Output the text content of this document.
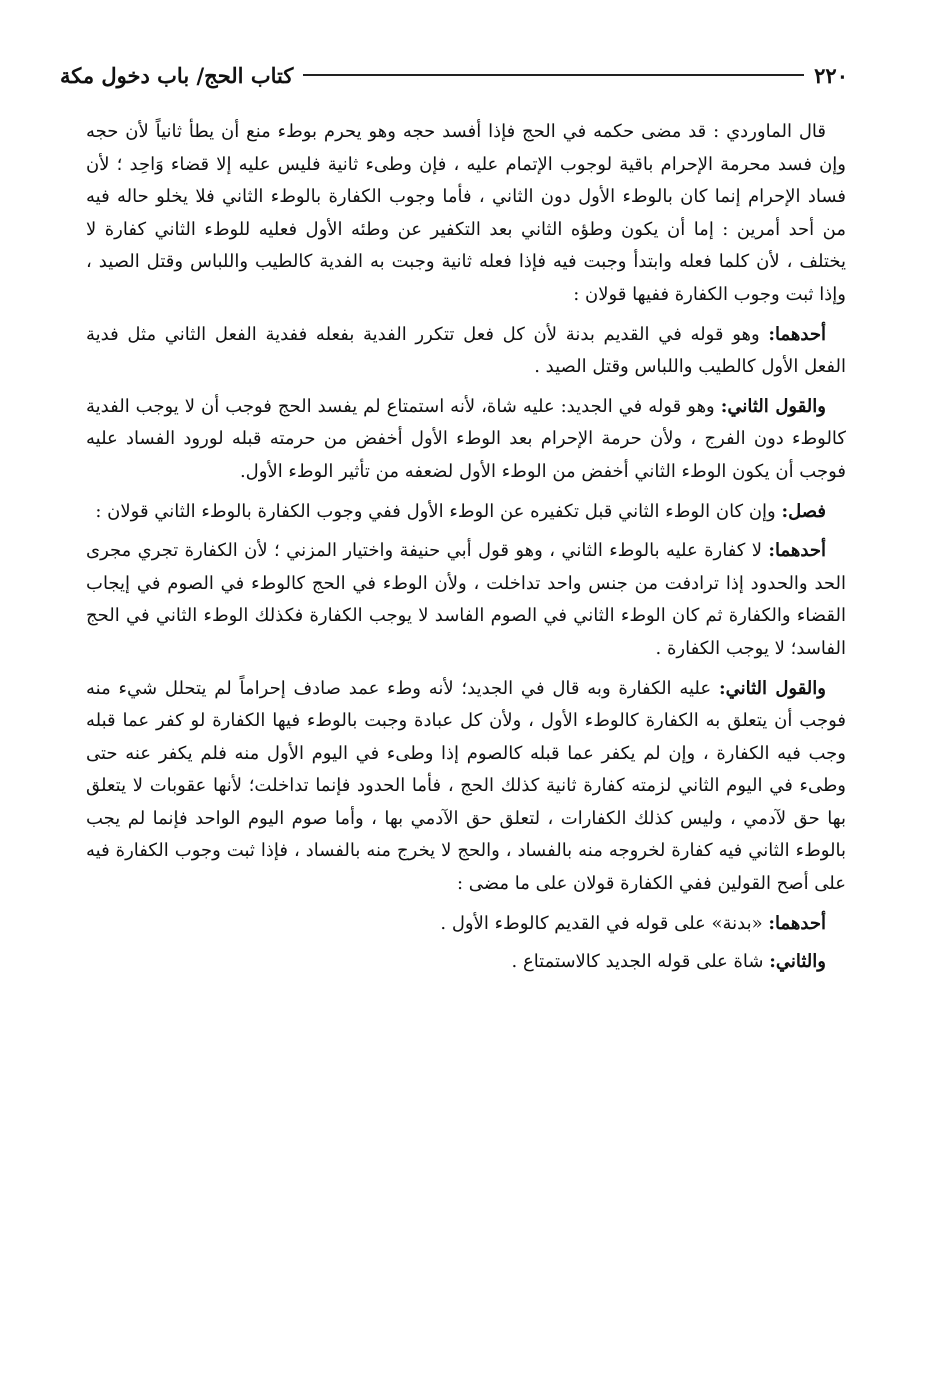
٢٢٠
كتاب الحج/ باب دخول مكة

قال الماوردي : قد مضى حكمه في الحج فإذا أفسد حجه وهو يحرم بوطء منع أن يطأ ثانياً لأن حجه وإن فسد محرمة الإحرام باقية لوجوب الإتمام عليه ، فإن وطىء ثانية فليس عليه إلا قضاء وَاحِد ؛ لأن فساد الإحرام إنما كان بالوطء الأول دون الثاني ، فأما وجوب الكفارة بالوطء الثاني فلا يخلو حاله فيه من أحد أمرين : إما أن يكون وطؤه الثاني بعد التكفير عن وطئه الأول فعليه للوطء الثاني كفارة لا يختلف ، لأن كلما فعله وابتدأ وجبت فيه فإذا فعله ثانية وجبت به الفدية كالطيب واللباس وقتل الصيد ، وإذا ثبت وجوب الكفارة ففيها قولان :

أحدهما: وهو قوله في القديم بدنة لأن كل فعل تتكرر الفدية بفعله ففدية الفعل الثاني مثل فدية الفعل الأول كالطيب واللباس وقتل الصيد .

والقول الثاني: وهو قوله في الجديد: عليه شاة، لأنه استمتاع لم يفسد الحج فوجب أن لا يوجب الفدية كالوطء دون الفرج ، ولأن حرمة الإحرام بعد الوطء الأول أخفض من حرمته قبله لورود الفساد عليه فوجب أن يكون الوطء الثاني أخفض من الوطء الأول لضعفه من تأثير الوطء الأول.

فصل: وإن كان الوطء الثاني قبل تكفيره عن الوطء الأول ففي وجوب الكفارة بالوطء الثاني قولان :

أحدهما: لا كفارة عليه بالوطء الثاني ، وهو قول أبي حنيفة واختيار المزني ؛ لأن الكفارة تجري مجرى الحد والحدود إذا ترادفت من جنس واحد تداخلت ، ولأن الوطء في الحج كالوطء في الصوم في إيجاب القضاء والكفارة ثم كان الوطء الثاني في الصوم الفاسد لا يوجب الكفارة فكذلك الوطء الثاني في الحج الفاسد؛ لا يوجب الكفارة .

والقول الثاني: عليه الكفارة وبه قال في الجديد؛ لأنه وطء عمد صادف إحراماً لم يتحلل شيء منه فوجب أن يتعلق به الكفارة كالوطء الأول ، ولأن كل عبادة وجبت بالوطء فيها الكفارة لو كفر عما قبله وجب فيه الكفارة ، وإن لم يكفر عما قبله كالصوم إذا وطىء في اليوم الأول منه فلم يكفر عنه حتى وطىء في اليوم الثاني لزمته كفارة ثانية كذلك الحج ، فأما الحدود فإنما تداخلت؛ لأنها عقوبات لا يتعلق بها حق لآدمي ، وليس كذلك الكفارات ، لتعلق حق الآدمي بها ، وأما صوم اليوم الواحد فإنما لم يجب بالوطء الثاني فيه كفارة لخروجه منه بالفساد ، والحج لا يخرج منه بالفساد ، فإذا ثبت وجوب الكفارة فيه على أصح القولين ففي الكفارة قولان على ما مضى :

أحدهما: «بدنة» على قوله في القديم كالوطء الأول .

والثاني: شاة على قوله الجديد كالاستمتاع .
